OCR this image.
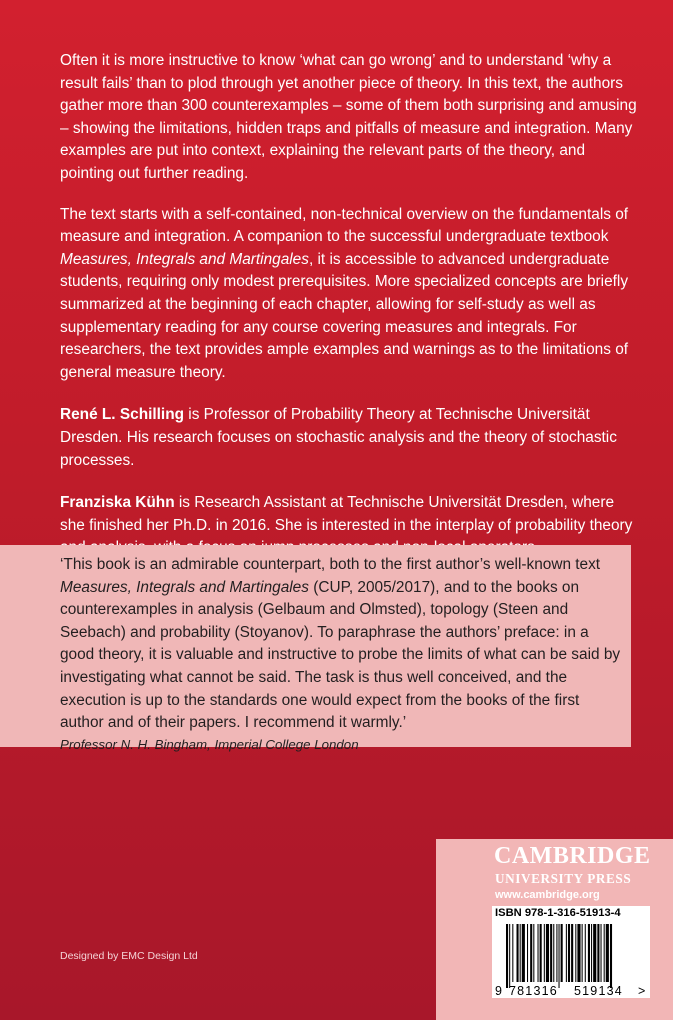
Often it is more instructive to know ‘what can go wrong’ and to understand ‘why a result fails’ than to plod through yet another piece of theory. In this text, the authors gather more than 300 counterexamples – some of them both surprising and amusing – showing the limitations, hidden traps and pitfalls of measure and integration. Many examples are put into context, explaining the relevant parts of the theory, and pointing out further reading.

The text starts with a self-contained, non-technical overview on the fundamentals of measure and integration. A companion to the successful undergraduate textbook Measures, Integrals and Martingales, it is accessible to advanced undergraduate students, requiring only modest prerequisites. More specialized concepts are briefly summarized at the beginning of each chapter, allowing for self-study as well as supplementary reading for any course covering measures and integrals. For researchers, the text provides ample examples and warnings as to the limitations of general measure theory.

René L. Schilling is Professor of Probability Theory at Technische Universität Dresden. His research focuses on stochastic analysis and the theory of stochastic processes.

Franziska Kühn is Research Assistant at Technische Universität Dresden, where she finished her Ph.D. in 2016. She is interested in the interplay of probability theory

‘This book is an admirable counterpart, both to the first author’s well-known text Measures, Integrals and Martingales (CUP, 2005/2017), and to the books on counterexamples in analysis (Gelbaum and Olmsted), topology (Steen and Seebach) and probability (Stoyanov). To paraphrase the authors’ preface: in a good theory, it is valuable and instructive to probe the limits of what can be said by investigating what cannot be said. The task is thus well conceived, and the execution is up to the standards one would expect from the books of the first author and of their papers. I recommend it warmly.’
Professor N. H. Bingham, Imperial College London
Designed by EMC Design Ltd
CAMBRIDGE
UNIVERSITY PRESS
www.cambridge.org
ISBN 978-1-316-51913-4
9 781316 519134 >
